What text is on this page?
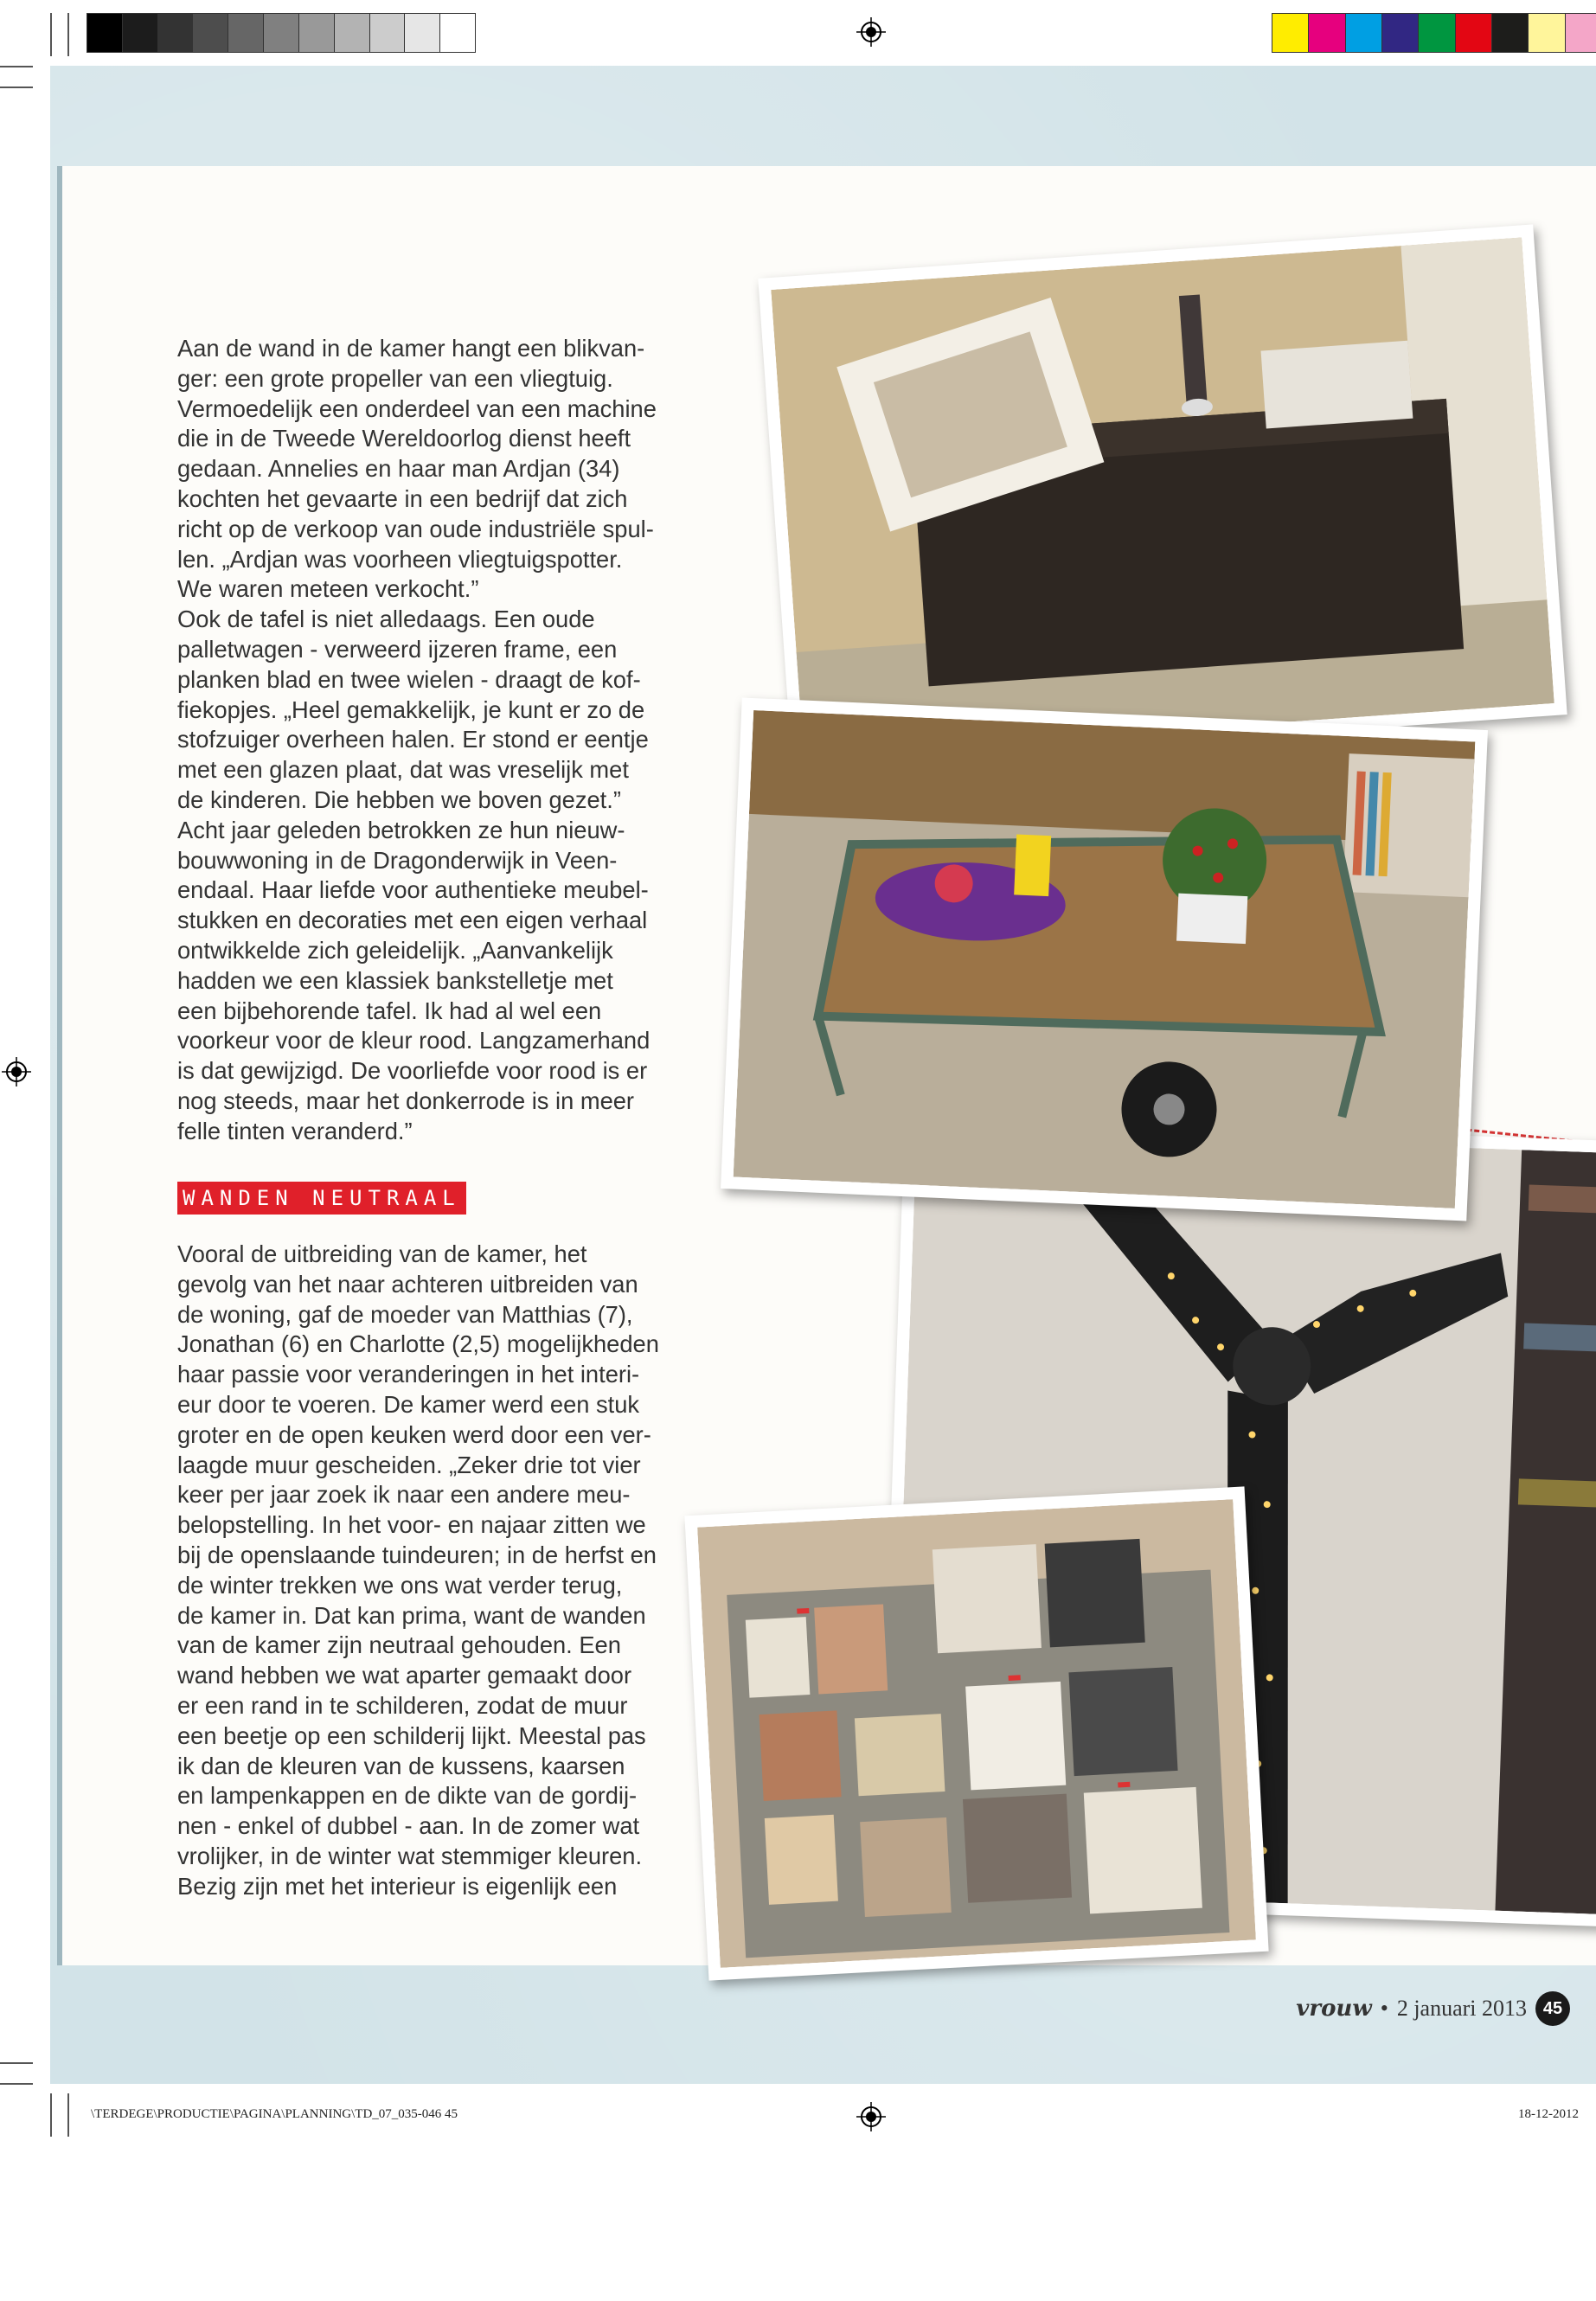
Aan de wand in de kamer hangt een blikvan-
ger: een grote propeller van een vliegtuig.
Vermoedelijk een onderdeel van een machine
die in de Tweede Wereldoorlog dienst heeft
gedaan. Annelies en haar man Ardjan (34)
kochten het gevaarte in een bedrijf dat zich
richt op de verkoop van oude industriële spul-
len. „Ardjan was voorheen vliegtuigspotter.
We waren meteen verkocht.”
Ook de tafel is niet alledaags. Een oude
palletwagen - verweerd ijzeren frame, een
planken blad en twee wielen - draagt de kof-
fiekopjes. „Heel gemakkelijk, je kunt er zo de
stofzuiger overheen halen. Er stond er eentje
met een glazen plaat, dat was vreselijk met
de kinderen. Die hebben we boven gezet.”
Acht jaar geleden betrokken ze hun nieuw-
bouwwoning in de Dragonderwijk in Veen-
endaal. Haar liefde voor authentieke meubel-
stukken en decoraties met een eigen verhaal
ontwikkelde zich geleidelijk. „Aanvankelijk
hadden we een klassiek bankstelletje met
een bijbehorende tafel. Ik had al wel een
voorkeur voor de kleur rood. Langzamerhand
is dat gewijzigd. De voorliefde voor rood is er
nog steeds, maar het donkerrode is in meer
felle tinten veranderd.”
WANDEN NEUTRAAL
Vooral de uitbreiding van de kamer, het
gevolg van het naar achteren uitbreiden van
de woning, gaf de moeder van Matthias (7),
Jonathan (6) en Charlotte (2,5) mogelijkheden
haar passie voor veranderingen in het interi-
eur door te voeren. De kamer werd een stuk
groter en de open keuken werd door een ver-
laagde muur gescheiden. „Zeker drie tot vier
keer per jaar zoek ik naar een andere meu-
belopstelling. In het voor- en najaar zitten we
bij de openslaande tuindeuren; in de herfst en
de winter trekken we ons wat verder terug,
de kamer in. Dat kan prima, want de wanden
van de kamer zijn neutraal gehouden. Een
wand hebben we wat aparter gemaakt door
er een rand in te schilderen, zodat de muur
een beetje op een schilderij lijkt. Meestal pas
ik dan de kleuren van de kussens, kaarsen
en lampenkappen en de dikte van de gordij-
nen - enkel of dubbel - aan. In de zomer wat
vrolijker, in de winter wat stemmiger kleuren.
Bezig zijn met het interieur is eigenlijk een
vrouw • 2 januari 2013 45
\TERDEGE\PRODUCTIE\PAGINA\PLANNING\TD_07_035-046 45	18-12-2012
